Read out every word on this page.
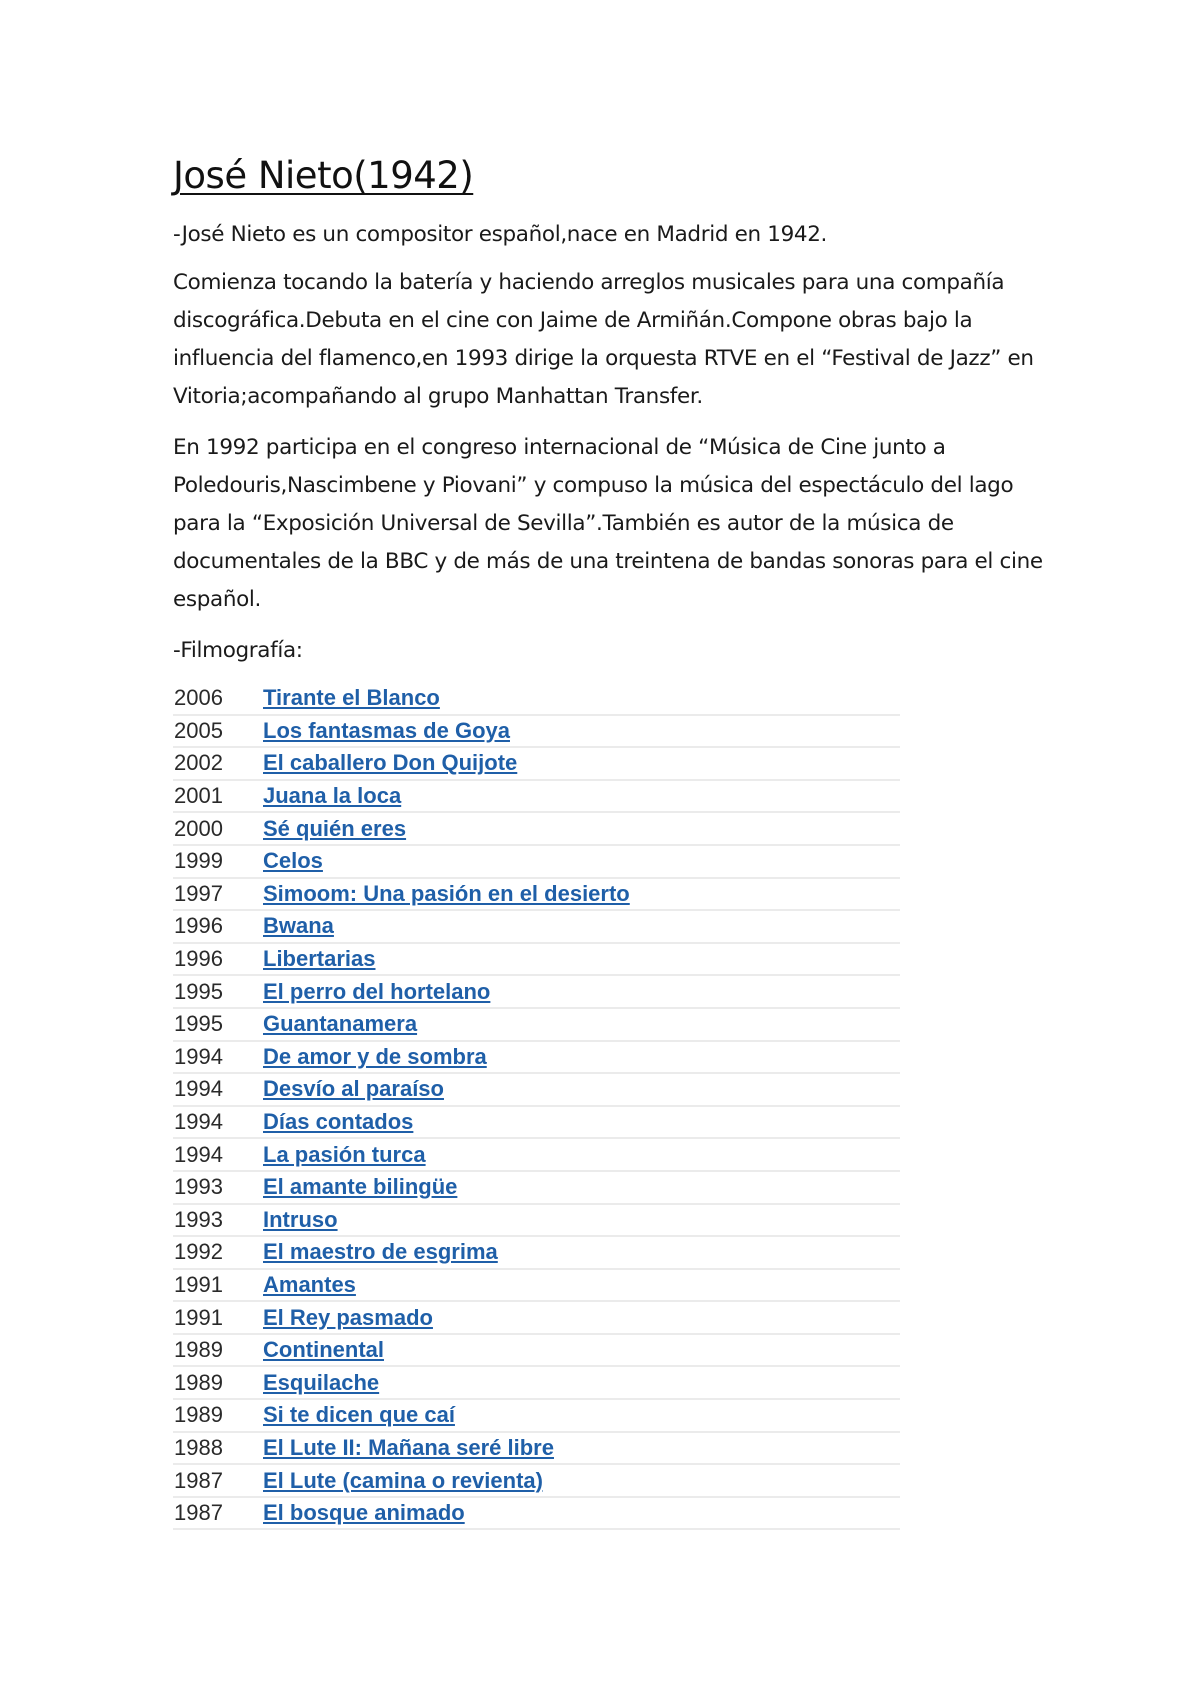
José Nieto(1942)

-José Nieto es un compositor español,nace en Madrid en 1942.

Comienza tocando la batería y haciendo arreglos musicales para una compañía discográfica.Debuta en el cine con Jaime de Armiñán.Compone obras bajo la influencia del flamenco,en 1993 dirige la orquesta RTVE en el “Festival de Jazz” en Vitoria;acompañando al grupo Manhattan Transfer.

En 1992 participa en el congreso internacional de “Música de Cine junto a Poledouris,Nascimbene y Piovani” y compuso la música del espectáculo del lago para la “Exposición Universal de Sevilla”.También es autor de la música de documentales de la BBC y de más de una treintena de bandas sonoras para el cine español.

-Filmografía:

2006	Tirante el Blanco
2005	Los fantasmas de Goya
2002	El caballero Don Quijote
2001	Juana la loca
2000	Sé quién eres
1999	Celos
1997	Simoom: Una pasión en el desierto
1996	Bwana
1996	Libertarias
1995	El perro del hortelano
1995	Guantanamera
1994	De amor y de sombra
1994	Desvío al paraíso
1994	Días contados
1994	La pasión turca
1993	El amante bilingüe
1993	Intruso
1992	El maestro de esgrima
1991	Amantes
1991	El Rey pasmado
1989	Continental
1989	Esquilache
1989	Si te dicen que caí
1988	El Lute II: Mañana seré libre
1987	El Lute (camina o revienta)
1987	El bosque animado
